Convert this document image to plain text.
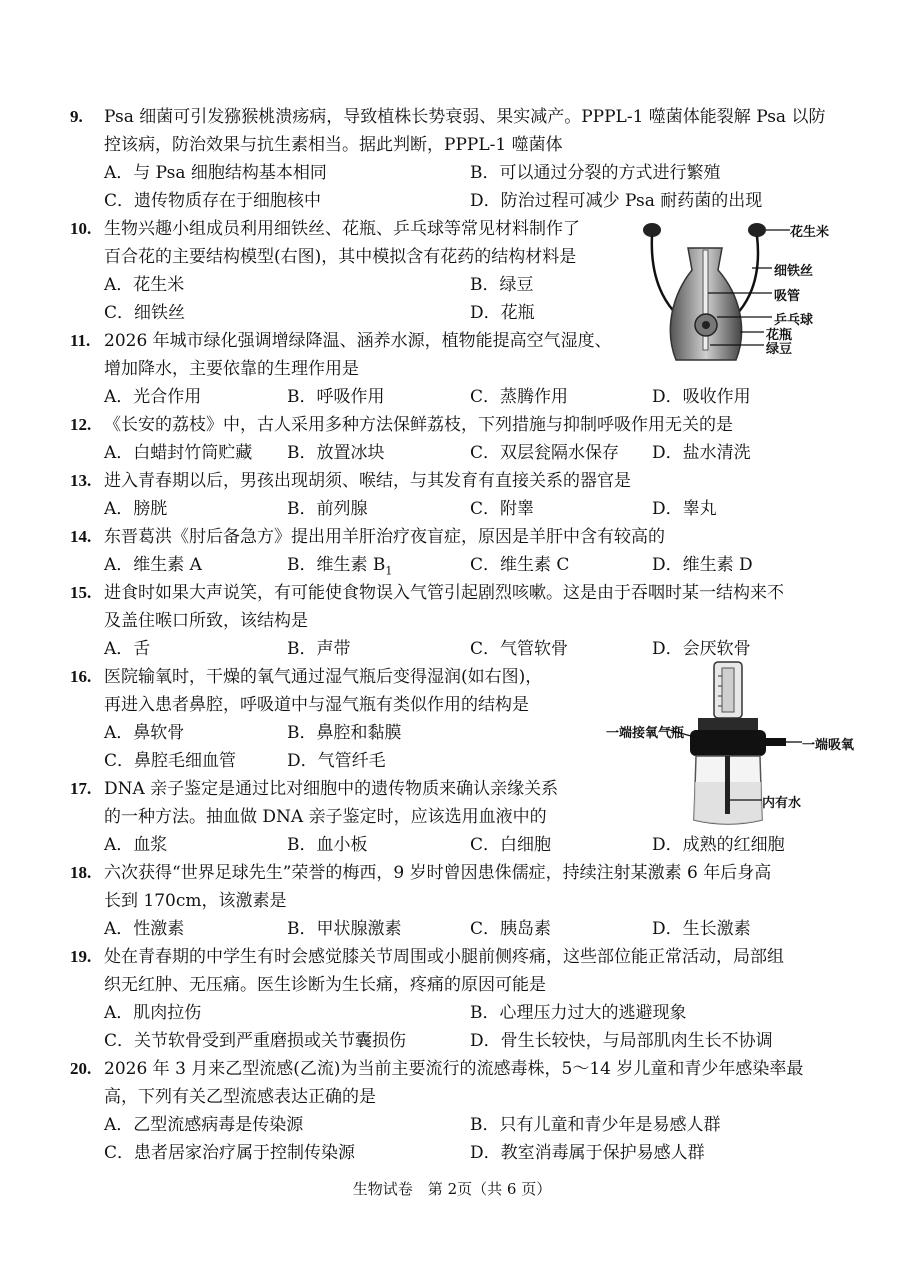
9. Psa 细菌可引发猕猴桃溃疡病，导致植株长势衰弱、果实减产。PPPL-1 噬菌体能裂解 Psa 以防
控该病，防治效果与抗生素相当。据此判断，PPPL-1 噬菌体
A．与 Psa 细胞结构基本相同	B．可以通过分裂的方式进行繁殖
C．遗传物质存在于细胞核中	D．防治过程可减少 Psa 耐药菌的出现
10. 生物兴趣小组成员利用细铁丝、花瓶、乒乓球等常见材料制作了
百合花的主要结构模型(右图)，其中模拟含有花药的结构材料是
A．花生米	B．绿豆
C．细铁丝	D．花瓶
花生米
细铁丝
吸管
乒乓球
花瓶
绿豆
11. 2026 年城市绿化强调增绿降温、涵养水源，植物能提高空气湿度、
增加降水，主要依靠的生理作用是
A．光合作用	B．呼吸作用	C．蒸腾作用	D．吸收作用
12. 《长安的荔枝》中，古人采用多种方法保鲜荔枝，下列措施与抑制呼吸作用无关的是
A．白蜡封竹筒贮藏 B．放置冰块	C．双层瓮隔水保存 D．盐水清洗
13. 进入青春期以后，男孩出现胡须、喉结，与其发育有直接关系的器官是
A．膀胱	B．前列腺	C．附睾	D．睾丸
14. 东晋葛洪《肘后备急方》提出用羊肝治疗夜盲症，原因是羊肝中含有较高的
A．维生素 A	B．维生素 $B_1$	C．维生素 C	D．维生素 D
15. 进食时如果大声说笑，有可能使食物误入气管引起剧烈咳嗽。这是由于吞咽时某一结构来不
及盖住喉口所致，该结构是
A．舌	B．声带	C．气管软骨	D．会厌软骨
16. 医院输氧时，干燥的氧气通过湿气瓶后变得湿润(如右图)，
再进入患者鼻腔，呼吸道中与湿气瓶有类似作用的结构是
A．鼻软骨	B．鼻腔和黏膜
C．鼻腔毛细血管	D．气管纤毛
一端接氧气瓶
一端吸氧
内有水
17. DNA 亲子鉴定是通过比对细胞中的遗传物质来确认亲缘关系
的一种方法。抽血做 DNA 亲子鉴定时，应该选用血液中的
A．血浆	B．血小板	C．白细胞	D．成熟的红细胞
18. 六次获得“世界足球先生”荣誉的梅西，9 岁时曾因患侏儒症，持续注射某激素 6 年后身高
长到 170cm，该激素是
A．性激素	B．甲状腺激素	C．胰岛素	D．生长激素
19. 处在青春期的中学生有时会感觉膝关节周围或小腿前侧疼痛，这些部位能正常活动，局部组
织无红肿、无压痛。医生诊断为生长痛，疼痛的原因可能是
A．肌肉拉伤	B．心理压力过大的逃避现象
C．关节软骨受到严重磨损或关节囊损伤	D．骨生长较快，与局部肌肉生长不协调
20. 2026 年 3 月来乙型流感(乙流)为当前主要流行的流感毒株，5～14 岁儿童和青少年感染率最
高，下列有关乙型流感表达正确的是
A．乙型流感病毒是传染源	B．只有儿童和青少年是易感人群
C．患者居家治疗属于控制传染源	D．教室消毒属于保护易感人群
生物试卷　第 2页（共 6 页）
